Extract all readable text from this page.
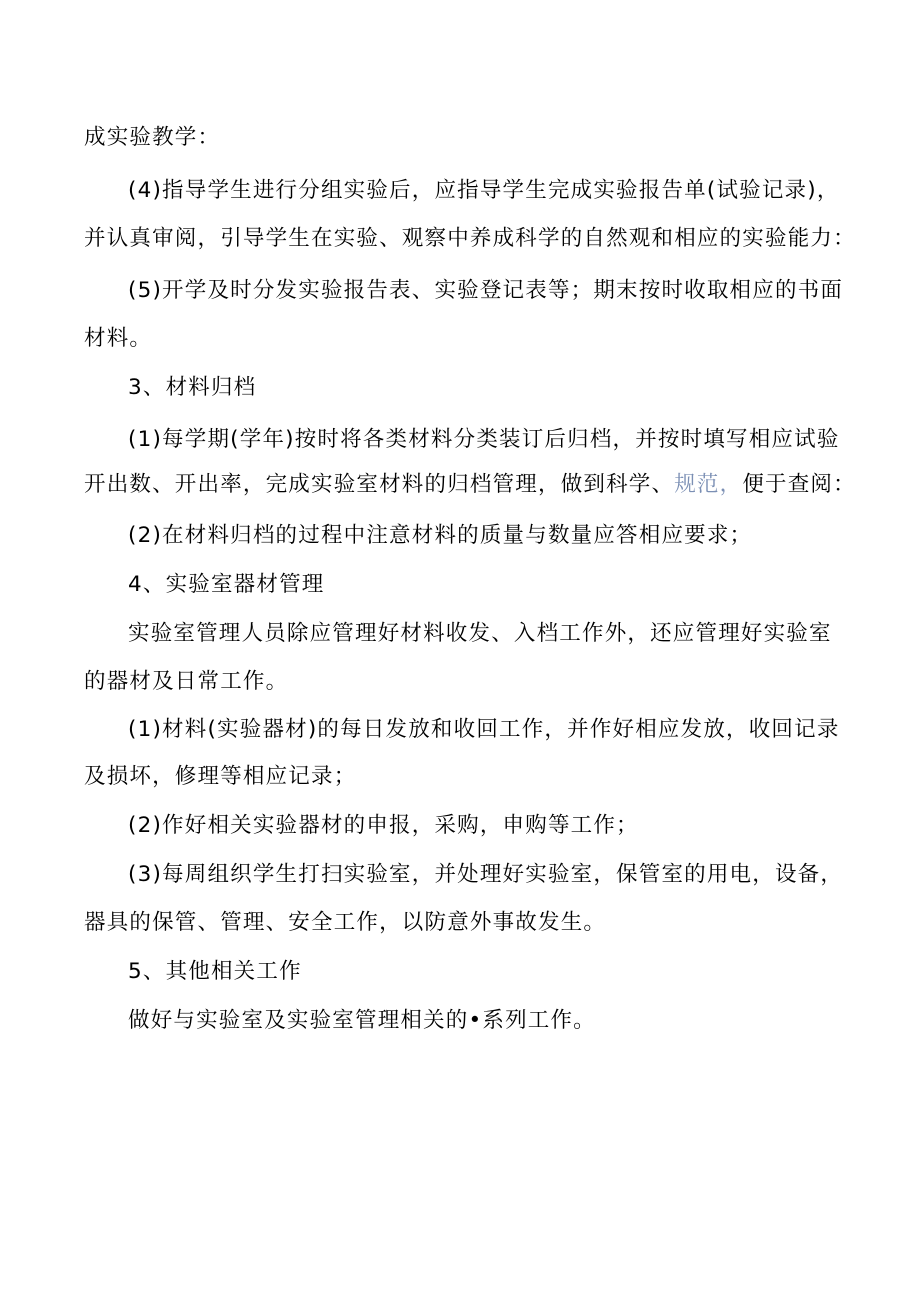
成实验教学：
(4)指导学生进行分组实验后，应指导学生完成实验报告单(试验记录)，
并认真审阅，引导学生在实验、观察中养成科学的自然观和相应的实验能力：
(5)开学及时分发实验报告表、实验登记表等；期末按时收取相应的书面
材料。
3、材料归档
(1)每学期(学年)按时将各类材料分类装订后归档，并按时填写相应试验
开出数、开出率，完成实验室材料的归档管理，做到科学、规范，便于查阅：
(2)在材料归档的过程中注意材料的质量与数量应答相应要求；
4、实验室器材管理
实验室管理人员除应管理好材料收发、入档工作外，还应管理好实验室
的器材及日常工作。
(1)材料(实验器材)的每日发放和收回工作，并作好相应发放，收回记录
及损坏，修理等相应记录；
(2)作好相关实验器材的申报，采购，申购等工作；
(3)每周组织学生打扫实验室，并处理好实验室，保管室的用电，设备，
器具的保管、管理、安全工作，以防意外事故发生。
5、其他相关工作
做好与实验室及实验室管理相关的•系列工作。
